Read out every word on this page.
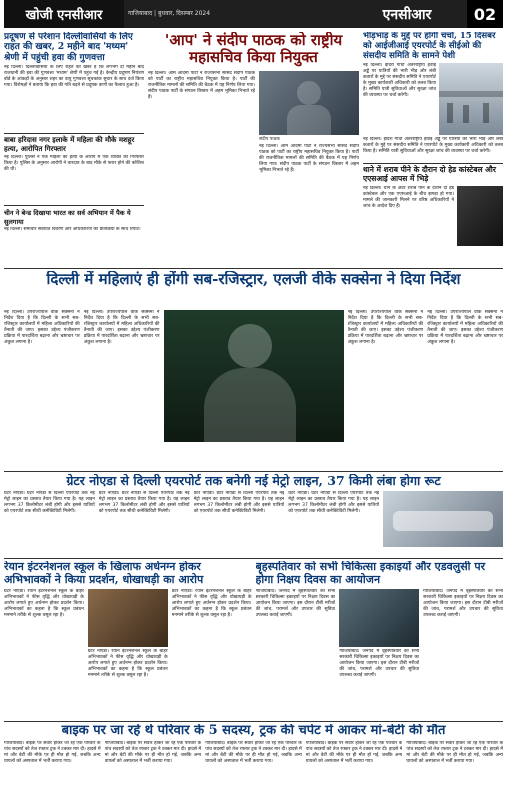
खोजी एनसीआर	गाजियाबाद | बुधवार, दिसम्बर 2024	एनसीआर	02
प्रदूषण से परेशान दिल्लीवासियों के लिए राहत की खबर, 2 महीने बाद 'मध्यम' श्रेणी में पहुंची हवा की गुणवत्ता
नई दिल्ली। दिल्लीवासियों के लिए राहत की खबर है कि लगभग दो महीने बाद राजधानी की हवा की गुणवत्ता 'मध्यम' श्रेणी में पहुंच गई है। केन्द्रीय प्रदूषण नियंत्रण बोर्ड के आंकड़ों के अनुसार शहर का वायु गुणवत्ता सूचकांक सुधार के साथ दर्ज किया गया। विशेषज्ञों ने बताया कि हवा की गति बढ़ने से प्रदूषक कणों का फैलाव हुआ है।
बाबा हरिदास नगर इलाके में महिला की मौके मशहूर हत्या, आरोपित गिरफ्तार
नई दिल्ली। पुलिस ने एक महिला की हत्या के आरोप में एक व्यक्ति को गिरफ्तार किया है। पुलिस के अनुसार आरोपी ने वारदात के बाद मौके से फरार होने की कोशिश की थी।
चीन ने बेन्ड दिखाया भारत का सर्व अभियान में पैक ये सुलगाया
नई दिल्ली। समाचार संबंधित विवरण और अधिकारियों की प्रतिक्रिया के साथ रिपोर्ट।
'आप' ने संदीप पाठक को राष्ट्रीय महासचिव किया नियुक्त
नई दिल्ली। आम आदमी पार्टी ने राज्यसभा सांसद संदीप पाठक को पार्टी का राष्ट्रीय महासचिव नियुक्त किया है। पार्टी की राजनीतिक मामलों की समिति की बैठक में यह निर्णय लिया गया। संदीप पाठक पार्टी के संगठन विस्तार में अहम भूमिका निभाते रहे हैं।
संदीप पाठक
नई दिल्ली। आम आदमी पार्टी ने राज्यसभा सांसद संदीप पाठक को पार्टी का राष्ट्रीय महासचिव नियुक्त किया है। पार्टी की राजनीतिक मामलों की समिति की बैठक में यह निर्णय लिया गया। संदीप पाठक पार्टी के संगठन विस्तार में अहम भूमिका निभाते रहे हैं।
भीड़भाड़ के मुद्दे पर होगी चर्चा, 15 दिसंबर को आईजीआई एयरपोर्ट के सीईओ की संसदीय समिति के सामने पेशी
नई दिल्ली। इंदिरा गांधी अंतरराष्ट्रीय हवाई अड्डे पर यात्रियों की भारी भीड़ और लंबी कतारों के मुद्दे पर संसदीय समिति ने एयरपोर्ट के मुख्य कार्यकारी अधिकारी को तलब किया है। समिति यात्री सुविधाओं और सुरक्षा जांच की व्यवस्था पर चर्चा करेगी।
नई दिल्ली। इंदिरा गांधी अंतरराष्ट्रीय हवाई अड्डे पर यात्रियों की भारी भीड़ और लंबी कतारों के मुद्दे पर संसदीय समिति ने एयरपोर्ट के मुख्य कार्यकारी अधिकारी को तलब किया है। समिति यात्री सुविधाओं और सुरक्षा जांच की व्यवस्था पर चर्चा करेगी।
थाने में शराब पीने के दौरान दो हेड कांस्टेबल और एएसआई आपस में भिड़े
नई दिल्ली। थाने के अंदर शराब पीने के दौरान दो हेड कांस्टेबल और एक एएसआई के बीच झगड़ा हो गया। मामले की जानकारी मिलने पर वरिष्ठ अधिकारियों ने जांच के आदेश दिए हैं।
दिल्ली में महिलाएं ही होंगी सब-रजिस्ट्रार, एलजी वीके सक्सेना ने दिया निर्देश
नई दिल्ली। उपराज्यपाल वीके सक्सेना ने निर्देश दिया है कि दिल्ली के सभी सब-रजिस्ट्रार कार्यालयों में महिला अधिकारियों की तैनाती की जाए। इसका उद्देश्य पंजीकरण प्रक्रिया में पारदर्शिता बढ़ाना और भ्रष्टाचार पर अंकुश लगाना है।
नई दिल्ली। उपराज्यपाल वीके सक्सेना ने निर्देश दिया है कि दिल्ली के सभी सब-रजिस्ट्रार कार्यालयों में महिला अधिकारियों की तैनाती की जाए। इसका उद्देश्य पंजीकरण प्रक्रिया में पारदर्शिता बढ़ाना और भ्रष्टाचार पर अंकुश लगाना है।
नई दिल्ली। उपराज्यपाल वीके सक्सेना ने निर्देश दिया है कि दिल्ली के सभी सब-रजिस्ट्रार कार्यालयों में महिला अधिकारियों की तैनाती की जाए। इसका उद्देश्य पंजीकरण प्रक्रिया में पारदर्शिता बढ़ाना और भ्रष्टाचार पर अंकुश लगाना है।
नई दिल्ली। उपराज्यपाल वीके सक्सेना ने निर्देश दिया है कि दिल्ली के सभी सब-रजिस्ट्रार कार्यालयों में महिला अधिकारियों की तैनाती की जाए। इसका उद्देश्य पंजीकरण प्रक्रिया में पारदर्शिता बढ़ाना और भ्रष्टाचार पर अंकुश लगाना है।
ग्रेटर नोएडा से दिल्ली एयरपोर्ट तक बनेगी नई मेट्रो लाइन, 37 किमी लंबा होगा रूट
ग्रेटर नोएडा। ग्रेटर नोएडा से दिल्ली एयरपोर्ट तक नई मेट्रो लाइन का प्रस्ताव तैयार किया गया है। यह लाइन लगभग 37 किलोमीटर लंबी होगी और इससे यात्रियों को एयरपोर्ट तक सीधी कनेक्टिविटी मिलेगी।
ग्रेटर नोएडा। ग्रेटर नोएडा से दिल्ली एयरपोर्ट तक नई मेट्रो लाइन का प्रस्ताव तैयार किया गया है। यह लाइन लगभग 37 किलोमीटर लंबी होगी और इससे यात्रियों को एयरपोर्ट तक सीधी कनेक्टिविटी मिलेगी।
ग्रेटर नोएडा। ग्रेटर नोएडा से दिल्ली एयरपोर्ट तक नई मेट्रो लाइन का प्रस्ताव तैयार किया गया है। यह लाइन लगभग 37 किलोमीटर लंबी होगी और इससे यात्रियों को एयरपोर्ट तक सीधी कनेक्टिविटी मिलेगी।
ग्रेटर नोएडा। ग्रेटर नोएडा से दिल्ली एयरपोर्ट तक नई मेट्रो लाइन का प्रस्ताव तैयार किया गया है। यह लाइन लगभग 37 किलोमीटर लंबी होगी और इससे यात्रियों को एयरपोर्ट तक सीधी कनेक्टिविटी मिलेगी।
रेयान इंटरनेशनल स्कूल के खिलाफ अर्धनग्न होकर अभिभावकों ने किया प्रदर्शन, धोखाधड़ी का आरोप
ग्रेटर नोएडा। रेयान इंटरनेशनल स्कूल के बाहर अभिभावकों ने फीस वृद्धि और धोखाधड़ी के आरोप लगाते हुए अर्धनग्न होकर प्रदर्शन किया। अभिभावकों का कहना है कि स्कूल प्रबंधन मनमाने तरीके से शुल्क वसूल रहा है।
ग्रेटर नोएडा। रेयान इंटरनेशनल स्कूल के बाहर अभिभावकों ने फीस वृद्धि और धोखाधड़ी के आरोप लगाते हुए अर्धनग्न होकर प्रदर्शन किया। अभिभावकों का कहना है कि स्कूल प्रबंधन मनमाने तरीके से शुल्क वसूल रहा है।
ग्रेटर नोएडा। रेयान इंटरनेशनल स्कूल के बाहर अभिभावकों ने फीस वृद्धि और धोखाधड़ी के आरोप लगाते हुए अर्धनग्न होकर प्रदर्शन किया। अभिभावकों का कहना है कि स्कूल प्रबंधन मनमाने तरीके से शुल्क वसूल रहा है।
बृहस्पतिवार को सभी चिकित्सा इकाइयों और एडवलुसी पर होगा निक्षय दिवस का आयोजन
गाजियाबाद। जनपद में बृहस्पतिवार को सभी सरकारी चिकित्सा इकाइयों पर निक्षय दिवस का आयोजन किया जाएगा। इस दौरान टीबी मरीजों की जांच, परामर्श और उपचार की सुविधा उपलब्ध कराई जाएगी।
गाजियाबाद। जनपद में बृहस्पतिवार को सभी सरकारी चिकित्सा इकाइयों पर निक्षय दिवस का आयोजन किया जाएगा। इस दौरान टीबी मरीजों की जांच, परामर्श और उपचार की सुविधा उपलब्ध कराई जाएगी।
गाजियाबाद। जनपद में बृहस्पतिवार को सभी सरकारी चिकित्सा इकाइयों पर निक्षय दिवस का आयोजन किया जाएगा। इस दौरान टीबी मरीजों की जांच, परामर्श और उपचार की सुविधा उपलब्ध कराई जाएगी।
बाइक पर जा रहे थे परिवार के 5 सदस्य, ट्रक की चपेट में आकर मां-बेटी की मौत
गाजियाबाद। बाइक पर सवार होकर जा रहे एक परिवार के पांच सदस्यों को तेज रफ्तार ट्रक ने टक्कर मार दी। हादसे में मां और बेटी की मौके पर ही मौत हो गई, जबकि अन्य घायलों को अस्पताल में भर्ती कराया गया।
गाजियाबाद। बाइक पर सवार होकर जा रहे एक परिवार के पांच सदस्यों को तेज रफ्तार ट्रक ने टक्कर मार दी। हादसे में मां और बेटी की मौके पर ही मौत हो गई, जबकि अन्य घायलों को अस्पताल में भर्ती कराया गया।
गाजियाबाद। बाइक पर सवार होकर जा रहे एक परिवार के पांच सदस्यों को तेज रफ्तार ट्रक ने टक्कर मार दी। हादसे में मां और बेटी की मौके पर ही मौत हो गई, जबकि अन्य घायलों को अस्पताल में भर्ती कराया गया।
गाजियाबाद। बाइक पर सवार होकर जा रहे एक परिवार के पांच सदस्यों को तेज रफ्तार ट्रक ने टक्कर मार दी। हादसे में मां और बेटी की मौके पर ही मौत हो गई, जबकि अन्य घायलों को अस्पताल में भर्ती कराया गया।
गाजियाबाद। बाइक पर सवार होकर जा रहे एक परिवार के पांच सदस्यों को तेज रफ्तार ट्रक ने टक्कर मार दी। हादसे में मां और बेटी की मौके पर ही मौत हो गई, जबकि अन्य घायलों को अस्पताल में भर्ती कराया गया।
